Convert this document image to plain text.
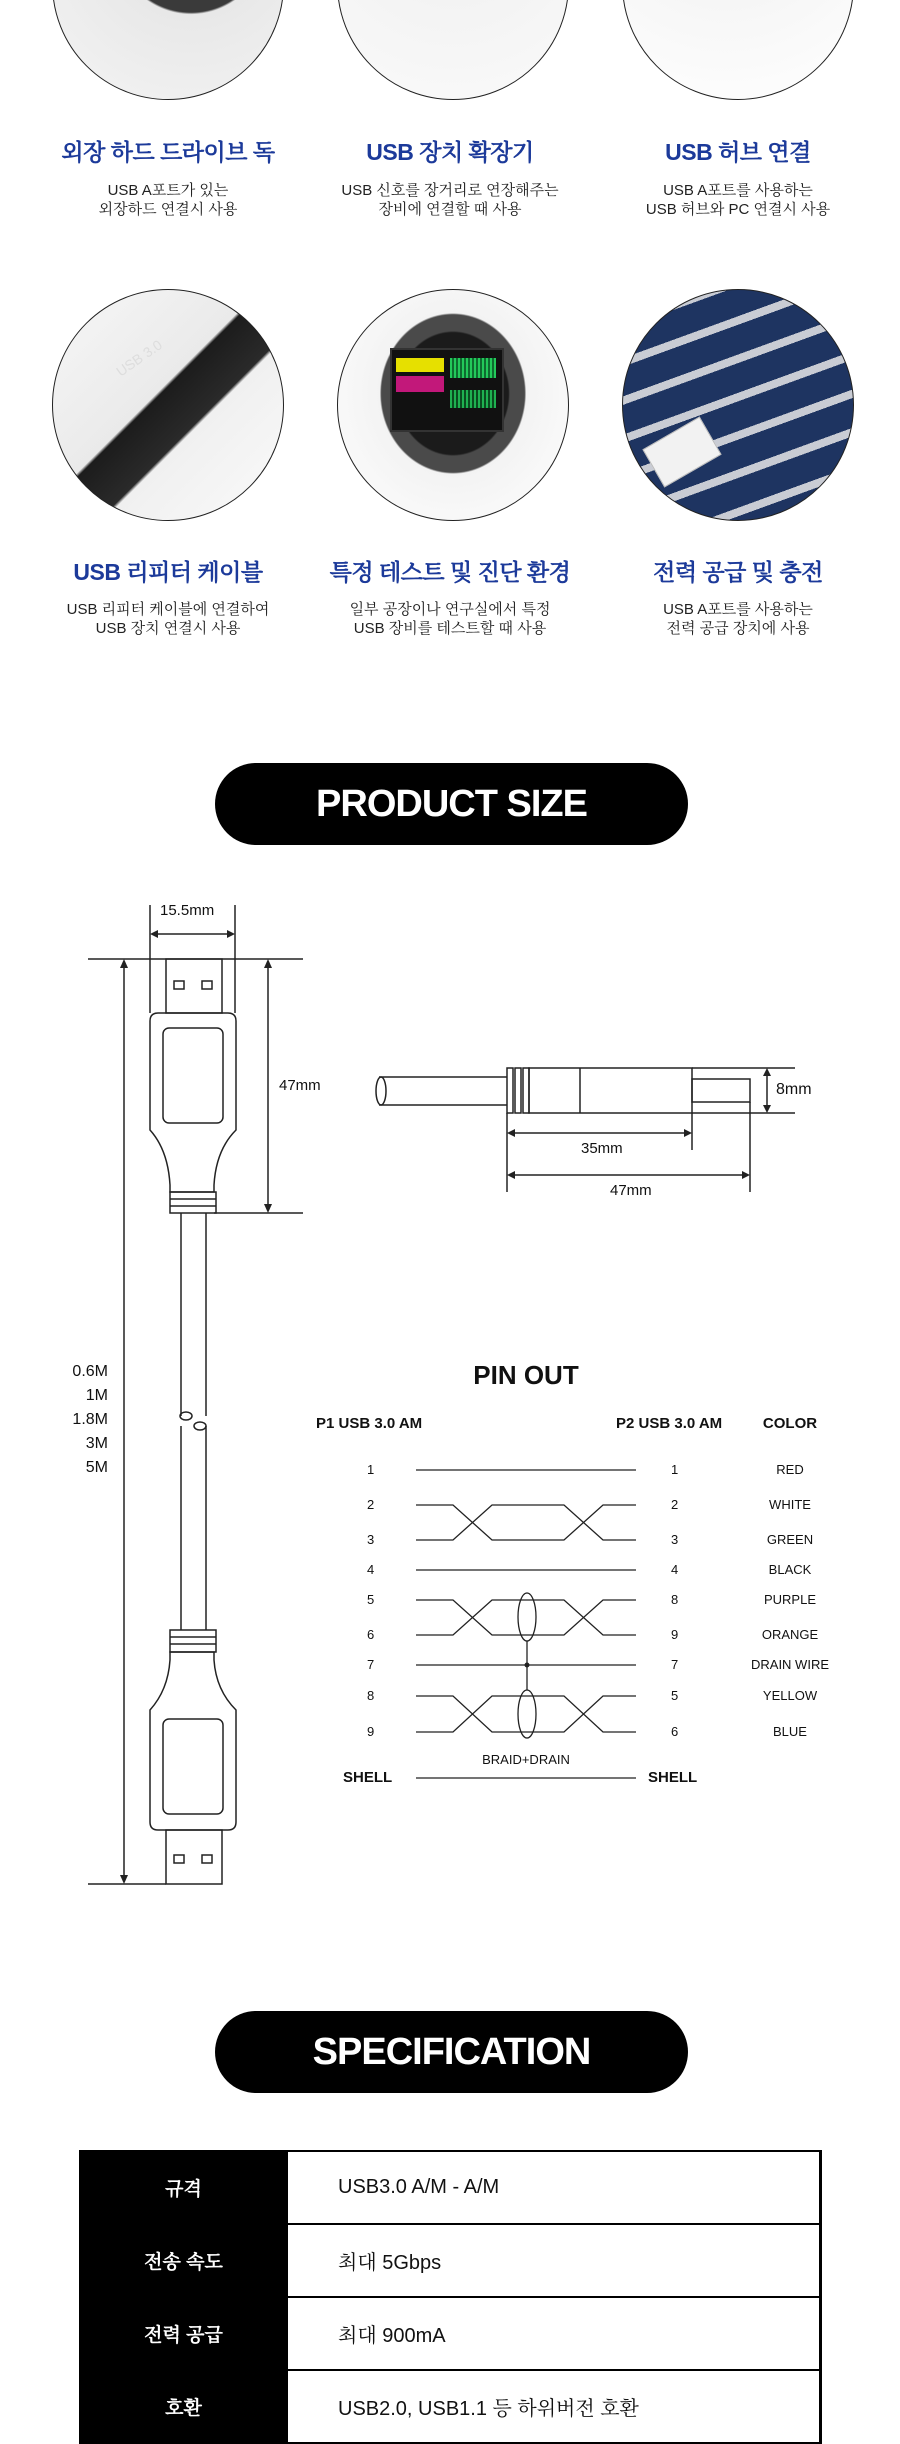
외장 하드 드라이브 독
USB A포트가 있는
외장하드 연결시 사용
USB 장치 확장기
USB 신호를 장거리로 연장해주는
장비에 연결할 때 사용
USB 허브 연결
USB A포트를 사용하는
USB 허브와 PC 연결시 사용
USB 3.0
USB 리피터 케이블
USB 리피터 케이블에 연결하여
USB 장치 연결시 사용
특정 테스트 및 진단 환경
일부 공장이나 연구실에서 특정
USB 장비를 테스트할 때 사용
전력 공급 및 충전
USB A포트를 사용하는
전력 공급 장치에 사용
PRODUCT SIZE
15.5mm
47mm
0.6M
1M
1.8M
3M
5M
8mm
35mm
47mm
PIN OUT
P1 USB 3.0 AM	P2 USB 3.0 AM	COLOR
1	1	RED
2	2	WHITE
3	3	GREEN
4	4	BLACK
5	8	PURPLE
6	9	ORANGE
7	7	DRAIN WIRE
8	5	YELLOW
9	6	BLUE
SHELL	SHELL
BRAID+DRAIN
SPECIFICATION
규격	USB3.0 A/M - A/M
전송 속도	최대 5Gbps
전력 공급	최대 900mA
호환	USB2.0, USB1.1 등 하위버전 호환
